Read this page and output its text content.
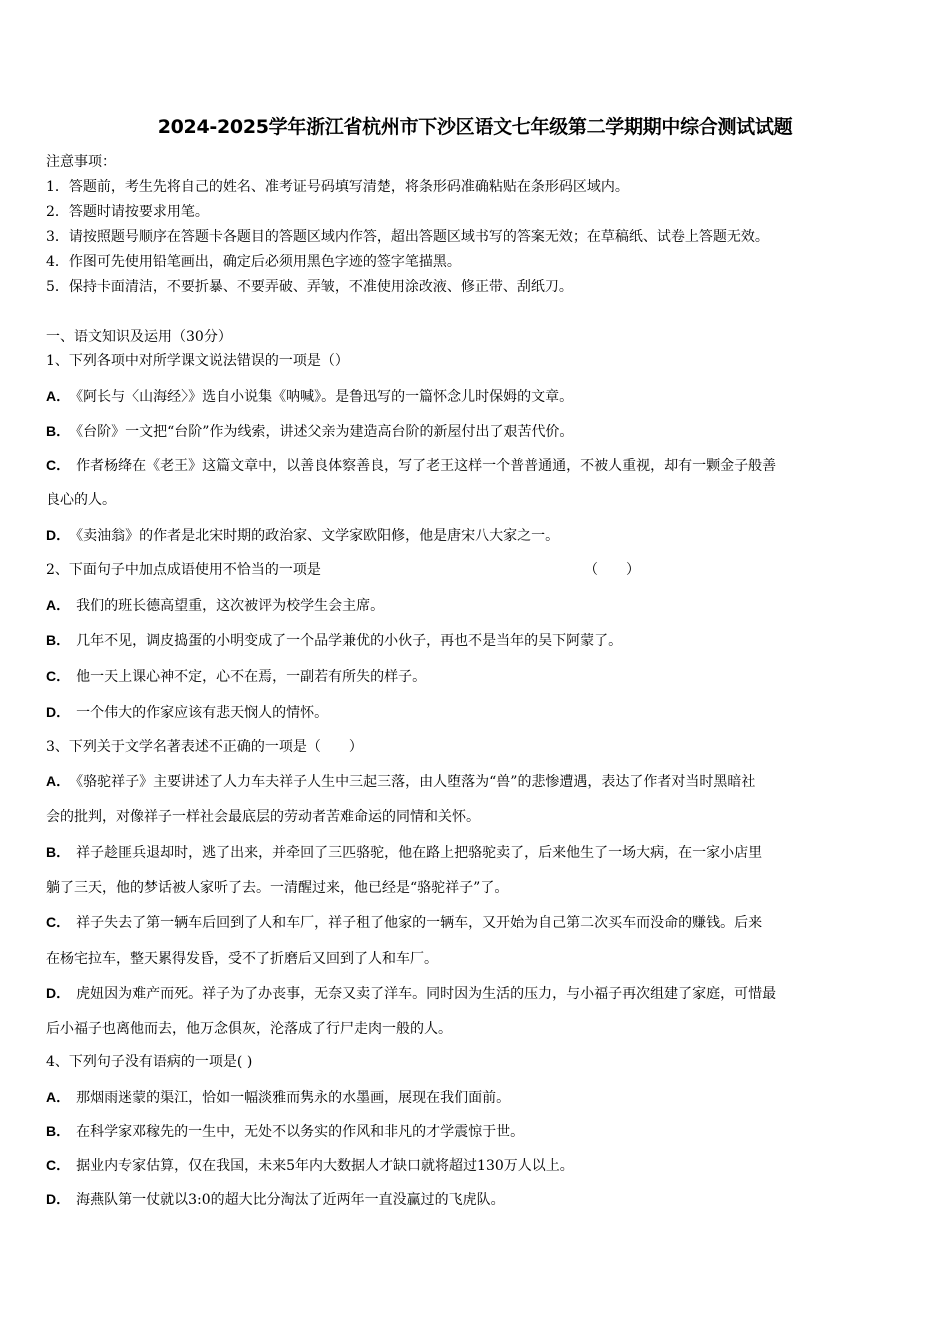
2024-2025学年浙江省杭州市下沙区语文七年级第二学期期中综合测试试题
注意事项：
1．答题前，考生先将自己的姓名、准考证号码填写清楚，将条形码准确粘贴在条形码区域内。
2．答题时请按要求用笔。
3．请按照题号顺序在答题卡各题目的答题区域内作答，超出答题区域书写的答案无效；在草稿纸、试卷上答题无效。
4．作图可先使用铅笔画出，确定后必须用黑色字迹的签字笔描黑。
5．保持卡面清洁，不要折暴、不要弄破、弄皱，不准使用涂改液、修正带、刮纸刀。
一、语文知识及运用（30分）
1、下列各项中对所学课文说法错误的一项是（）
A． 《阿长与〈山海经〉》选自小说集《呐喊》。是鲁迅写的一篇怀念儿时保姆的文章。
B． 《台阶》一文把“台阶”作为线索，讲述父亲为建造高台阶的新屋付出了艰苦代价。
C． 作者杨绛在《老王》这篇文章中，以善良体察善良，写了老王这样一个普普通通，不被人重视，却有一颗金子般善
良心的人。
D． 《卖油翁》的作者是北宋时期的政治家、文学家欧阳修，他是唐宋八大家之一。
2、下面句子中加点成语使用不恰当的一项是	（　　）
A． 我们的班长德高望重，这次被评为校学生会主席。
B． 几年不见，调皮捣蛋的小明变成了一个品学兼优的小伙子，再也不是当年的吴下阿蒙了。
C． 他一天上课心神不定，心不在焉，一副若有所失的样子。
D． 一个伟大的作家应该有悲天悯人的情怀。
3、下列关于文学名著表述不正确的一项是（　　）
A． 《骆驼祥子》主要讲述了人力车夫祥子人生中三起三落，由人堕落为“兽”的悲惨遭遇，表达了作者对当时黑暗社
会的批判，对像祥子一样社会最底层的劳动者苦难命运的同情和关怀。
B． 祥子趁匪兵退却时，逃了出来，并牵回了三匹骆驼，他在路上把骆驼卖了，后来他生了一场大病，在一家小店里
躺了三天，他的梦话被人家听了去。一清醒过来，他已经是“骆驼祥子”了。
C． 祥子失去了第一辆车后回到了人和车厂，祥子租了他家的一辆车，又开始为自己第二次买车而没命的赚钱。后来
在杨宅拉车，整天累得发昏，受不了折磨后又回到了人和车厂。
D． 虎妞因为难产而死。祥子为了办丧事，无奈又卖了洋车。同时因为生活的压力，与小福子再次组建了家庭，可惜最
后小福子也离他而去，他万念俱灰，沦落成了行尸走肉一般的人。
4、下列句子没有语病的一项是( )
A． 那烟雨迷蒙的渠江，恰如一幅淡雅而隽永的水墨画，展现在我们面前。
B． 在科学家邓稼先的一生中，无处不以务实的作风和非凡的才学震惊于世。
C． 据业内专家估算，仅在我国，未来5年内大数据人才缺口就将超过130万人以上。
D． 海燕队第一仗就以3:0的超大比分淘汰了近两年一直没赢过的飞虎队。
